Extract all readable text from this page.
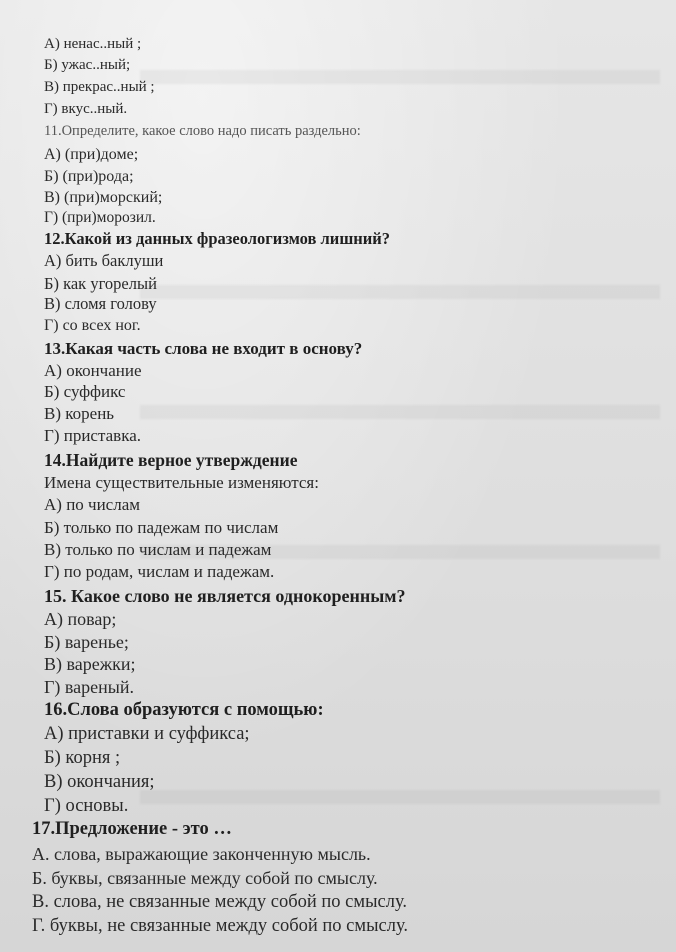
А) ненас..ный ;
Б) ужас..ный;
В) прекрас..ный ;
Г) вкус..ный.
11.Определите, какое слово надо писать раздельно:
А) (при)доме;
Б) (при)рода;
В) (при)морский;
Г) (при)морозил.
12.Какой из данных фразеологизмов лишний?
А) бить баклуши
Б) как угорелый
В) сломя голову
Г) со всех ног.
13.Какая часть слова не входит в основу?
А) окончание
Б) суффикс
В) корень
Г) приставка.
14.Найдите верное утверждение
Имена существительные изменяются:
А) по числам
Б) только по падежам по числам
В) только по числам и падежам
Г) по родам, числам и падежам.
15. Какое слово не является однокоренным?
А) повар;
Б) варенье;
В) варежки;
Г) вареный.
16.Слова образуются с помощью:
А) приставки и суффикса;
Б) корня ;
В) окончания;
Г) основы.
17.Предложение - это …
А. слова, выражающие законченную мысль.
Б. буквы, связанные между собой по смыслу.
В. слова, не связанные между собой по смыслу.
Г. буквы, не связанные между собой по смыслу.
